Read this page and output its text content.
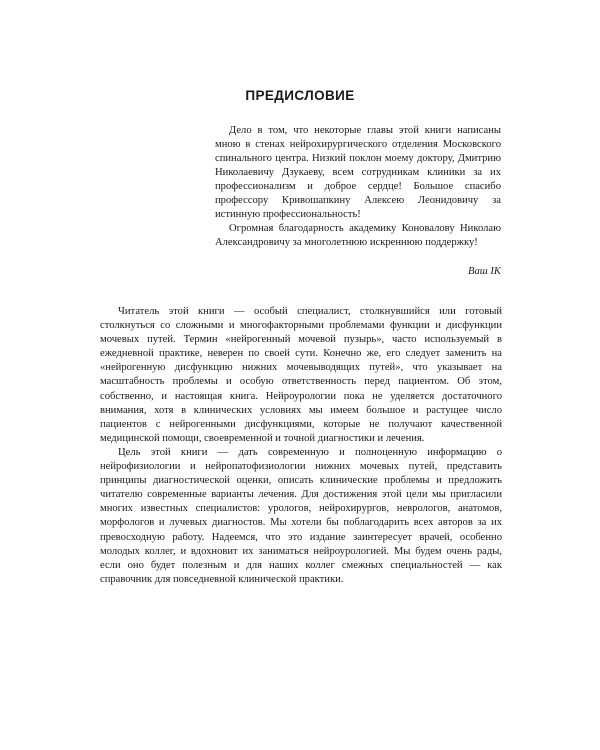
ПРЕДИСЛОВИЕ

Дело в том, что некоторые главы этой книги написаны мною в стенах нейрохирургического отделения Московского спинального центра. Низкий поклон моему доктору, Дмитрию Николаевичу Дзукаеву, всем сотрудникам клиники за их профессионализм и доброе сердце! Большое спасибо профессору Кривошапкину Алексею Леонидовичу за истинную профессиональность!

Огромная благодарность академику Коновалову Николаю Александровичу за многолетнюю искреннюю поддержку!

Ваш IK

Читатель этой книги — особый специалист, столкнувшийся или готовый столкнуться со сложными и многофакторными проблемами функции и дисфункции мочевых путей. Термин «нейрогенный мочевой пузырь», часто используемый в ежедневной практике, неверен по своей сути. Конечно же, его следует заменить на «нейрогенную дисфункцию нижних мочевыводящих путей», что указывает на масштабность проблемы и особую ответственность перед пациентом. Об этом, собственно, и настоящая книга. Нейроурологии пока не уделяется достаточного внимания, хотя в клинических условиях мы имеем большое и растущее число пациентов с нейрогенными дисфункциями, которые не получают качественной медицинской помощи, своевременной и точной диагностики и лечения.

Цель этой книги — дать современную и полноценную информацию о нейрофизиологии и нейропатофизиологии нижних мочевых путей, представить принципы диагностической оценки, описать клинические проблемы и предложить читателю современные варианты лечения. Для достижения этой цели мы пригласили многих известных специалистов: урологов, нейрохирургов, неврологов, анатомов, морфологов и лучевых диагностов. Мы хотели бы поблагодарить всех авторов за их превосходную работу. Надеемся, что это издание заинтересует врачей, особенно молодых коллег, и вдохновит их заниматься нейроурологией. Мы будем очень рады, если оно будет полезным и для наших коллег смежных специальностей — как справочник для повседневной клинической практики.
